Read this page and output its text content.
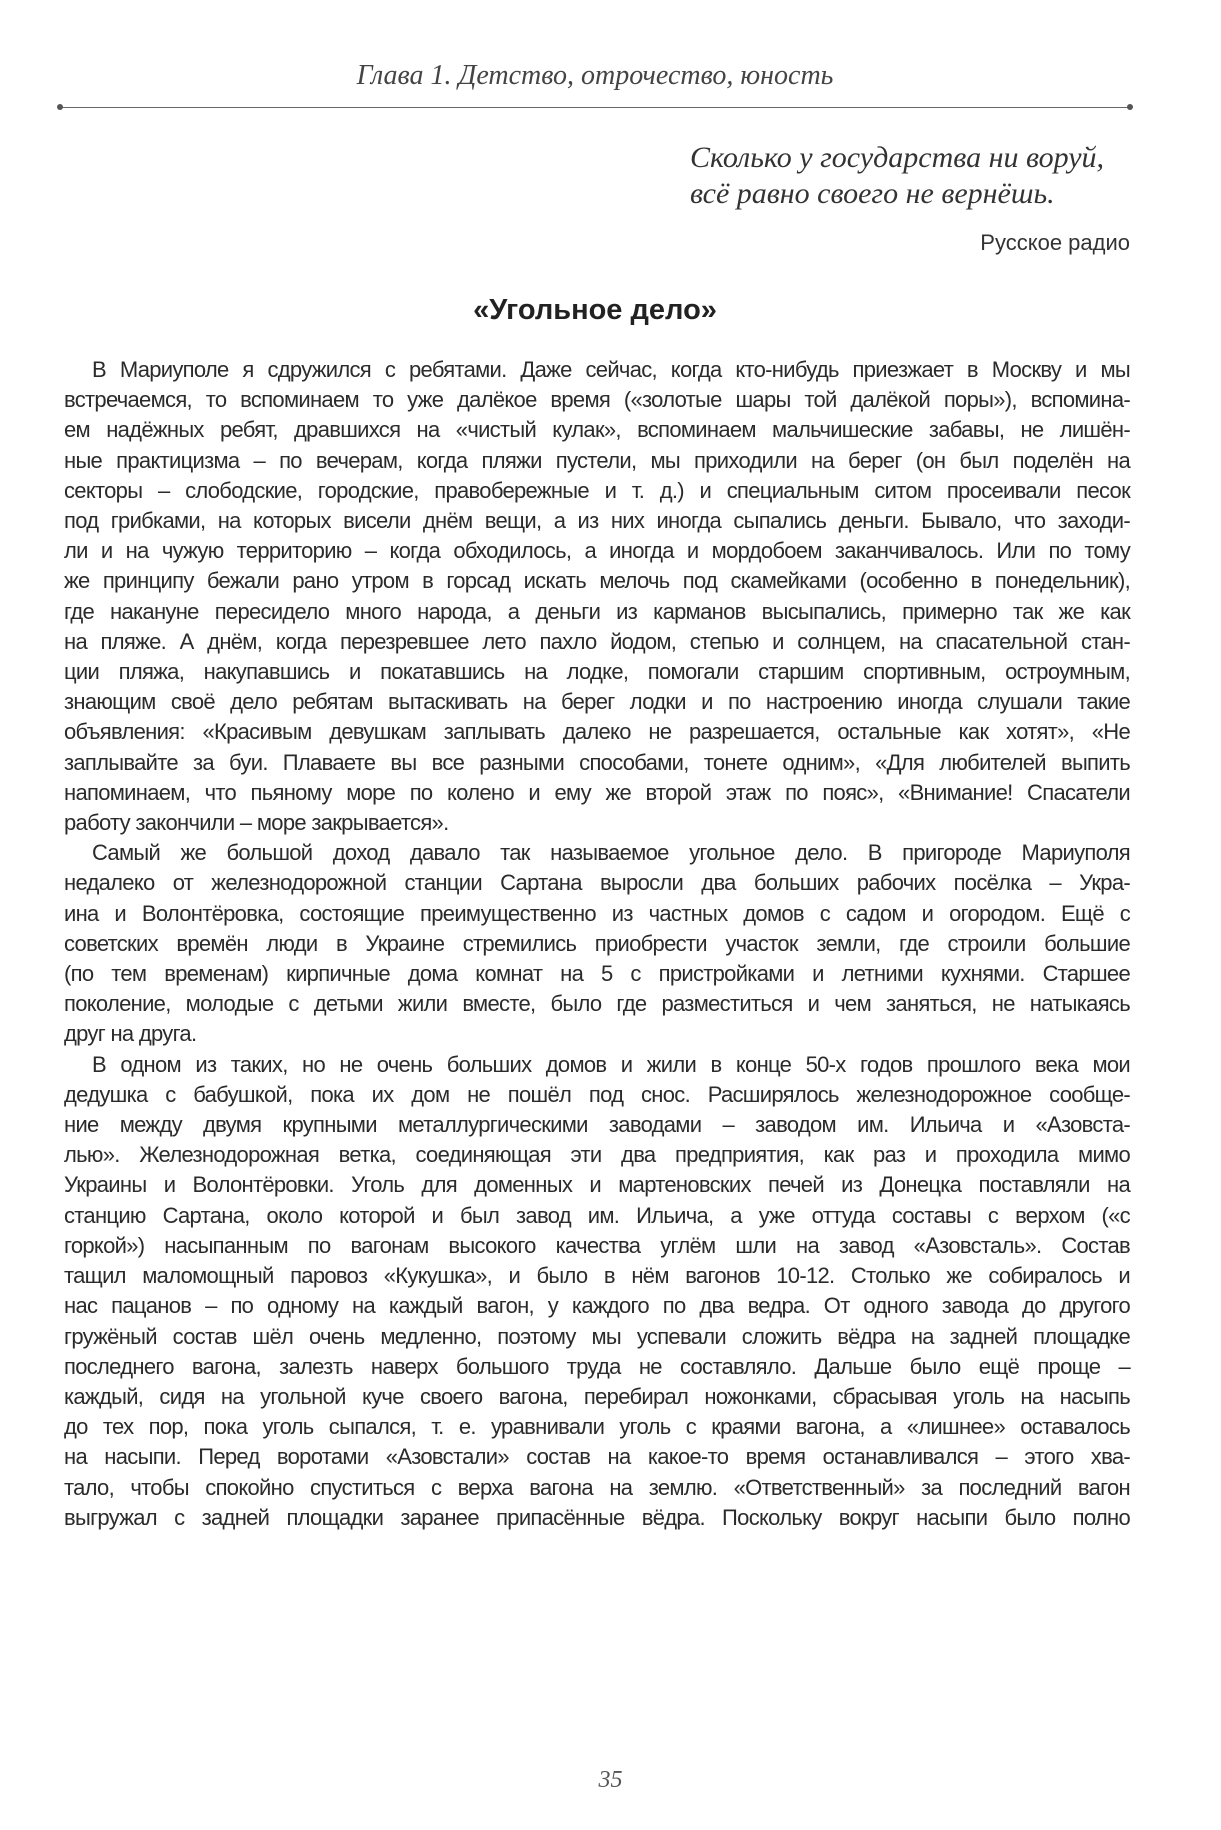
Глава 1. Детство, отрочество, юность
Сколько у государства ни воруй,
всё равно своего не вернёшь.
Русское радио
«Угольное дело»
В Мариуполе я сдружился с ребятами. Даже сейчас, когда кто-нибудь приезжает в Москву и мы
встречаемся, то вспоминаем то уже далёкое время («золотые шары той далёкой поры»), вспомина-
ем надёжных ребят, дравшихся на «чистый кулак», вспоминаем мальчишеские забавы, не лишён-
ные практицизма – по вечерам, когда пляжи пустели, мы приходили на берег (он был поделён на
секторы – слободские, городские, правобережные и т. д.) и специальным ситом просеивали песок
под грибками, на которых висели днём вещи, а из них иногда сыпались деньги. Бывало, что заходи-
ли и на чужую территорию – когда обходилось, а иногда и мордобоем заканчивалось. Или по тому
же принципу бежали рано утром в горсад искать мелочь под скамейками (особенно в понедельник),
где накануне пересидело много народа, а деньги из карманов высыпались, примерно так же как
на пляже. А днём, когда перезревшее лето пахло йодом, степью и солнцем, на спасательной стан-
ции пляжа, накупавшись и покатавшись на лодке, помогали старшим спортивным, остроумным,
знающим своё дело ребятам вытаскивать на берег лодки и по настроению иногда слушали такие
объявления: «Красивым девушкам заплывать далеко не разрешается, остальные как хотят», «Не
заплывайте за буи. Плаваете вы все разными способами, тонете одним», «Для любителей выпить
напоминаем, что пьяному море по колено и ему же второй этаж по пояс», «Внимание! Спасатели
работу закончили – море закрывается».
Самый же большой доход давало так называемое угольное дело. В пригороде Мариуполя
недалеко от железнодорожной станции Сартана выросли два больших рабочих посёлка – Укра-
ина и Волонтёровка, состоящие преимущественно из частных домов с садом и огородом. Ещё с
советских времён люди в Украине стремились приобрести участок земли, где строили большие
(по тем временам) кирпичные дома комнат на 5 с пристройками и летними кухнями. Старшее
поколение, молодые с детьми жили вместе, было где разместиться и чем заняться, не натыкаясь
друг на друга.
В одном из таких, но не очень больших домов и жили в конце 50-х годов прошлого века мои
дедушка с бабушкой, пока их дом не пошёл под снос. Расширялось железнодорожное сообще-
ние между двумя крупными металлургическими заводами – заводом им. Ильича и «Азовста-
лью». Железнодорожная ветка, соединяющая эти два предприятия, как раз и проходила мимо
Украины и Волонтёровки. Уголь для доменных и мартеновских печей из Донецка поставляли на
станцию Сартана, около которой и был завод им. Ильича, а уже оттуда составы с верхом («с
горкой») насыпанным по вагонам высокого качества углём шли на завод «Азовсталь». Состав
тащил маломощный паровоз «Кукушка», и было в нём вагонов 10-12. Столько же собиралось и
нас пацанов – по одному на каждый вагон, у каждого по два ведра. От одного завода до другого
гружёный состав шёл очень медленно, поэтому мы успевали сложить вёдра на задней площадке
последнего вагона, залезть наверх большого труда не составляло. Дальше было ещё проще –
каждый, сидя на угольной куче своего вагона, перебирал ножонками, сбрасывая уголь на насыпь
до тех пор, пока уголь сыпался, т. е. уравнивали уголь с краями вагона, а «лишнее» оставалось
на насыпи. Перед воротами «Азовстали» состав на какое-то время останавливался – этого хва-
тало, чтобы спокойно спуститься с верха вагона на землю. «Ответственный» за последний вагон
выгружал с задней площадки заранее припасённые вёдра. Поскольку вокруг насыпи было полно
35
